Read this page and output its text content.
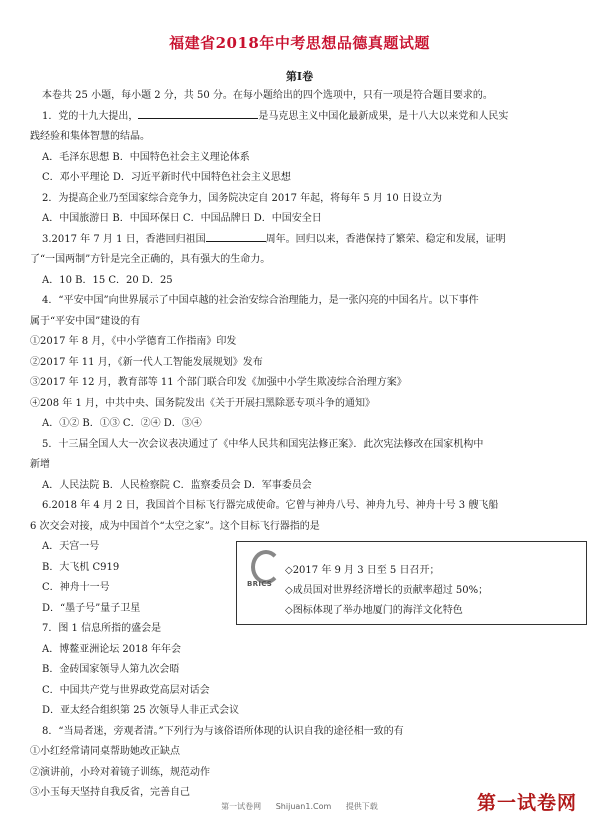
福建省2018年中考思想品德真题试题
第Ⅰ卷

本卷共 25 小题，每小题 2 分，共 50 分。在每小题给出的四个选项中，只有一项是符合题目要求的。

1．党的十九大提出，	是马克思主义中国化最新成果，是十八大以来党和人民实

践经验和集体智慧的结晶。

A．毛泽东思想 B．中国特色社会主义理论体系

C．邓小平理论 D．习近平新时代中国特色社会主义思想

2．为提高企业乃至国家综合竞争力，国务院决定自 2017 年起，将每年 5 月 10 日设立为

A．中国旅游日 B．中国环保日 C．中国品牌日 D．中国安全日

3.2017 年 7 月 1 日，香港回归祖国	周年。回归以来，香港保持了繁荣、稳定和发展，证明

了“一国两制”方针是完全正确的，具有强大的生命力。

A．10 B．15 C．20 D．25

4．“平安中国”向世界展示了中国卓越的社会治安综合治理能力，是一张闪亮的中国名片。以下事件

属于“平安中国”建设的有

①2017 年 8 月，《中小学德育工作指南》印发

②2017 年 11 月，《新一代人工智能发展规划》发布

③2017 年 12 月，教育部等 11 个部门联合印发《加强中小学生欺凌综合治理方案》

④208 年 1 月，中共中央、国务院发出《关于开展扫黑除恶专项斗争的通知》

A．①② B．①③ C．②④ D．③④

5．十三届全国人大一次会议表决通过了《中华人民共和国宪法修正案》．此次宪法修改在国家机构中

新增

A．人民法院 B．人民检察院 C．监察委员会 D．军事委员会

6.2018 年 4 月 2 日，我国首个目标飞行器完成使命。它曾与神舟八号、神舟九号、神舟十号 3 艘飞船

6 次交会对接，成为中国首个“太空之家”。这个目标飞行器指的是

A．天宫一号

B．大飞机 C919

C．神舟十一号

D．“墨子号”量子卫星

7．图 1 信息所指的盛会是

A．博鳌亚洲论坛 2018 年年会

B．金砖国家领导人第九次会晤

C．中国共产党与世界政党高层对话会

D．亚太经合组织第 25 次领导人非正式会议

8．“当局者迷，旁观者清。”下列行为与该俗语所体现的认识自我的途径相一致的有

①小红经常请同桌帮助她改正缺点

②演讲前，小玲对着镜子训练，规范动作

③小玉每天坚持自我反省，完善自己

BRICS

◇2017 年 9 月 3 日至 5 日召开；

◇成员国对世界经济增长的贡献率超过 50%；

◇图标体现了举办地厦门的海洋文化特色

第一试卷网 Shijuan1.Com 提供下载	第一试卷网
